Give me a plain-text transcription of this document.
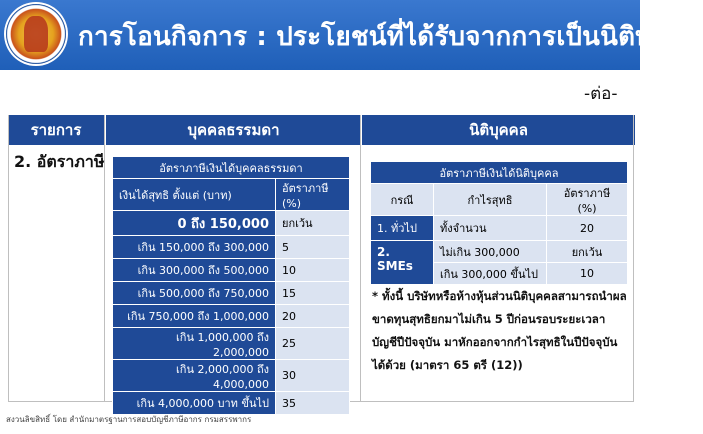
การโอนกิจการ : ประโยชน์ที่ได้รับจากการเป็นนิติบุคคล
-ต่อ-
รายการ	บุคคลธรรมดา	นิติบุคคล
2. อัตราภาษี	อัตราภาษีเงินได้บุคคลธรรมดา	
เงินได้สุทธิ ตั้งแต่ (บาท)	อัตราภาษี (%)
0 ถึง 150,000	ยกเว้น
เกิน 150,000 ถึง 300,000	5
เกิน 300,000 ถึง 500,000	10
เกิน 500,000 ถึง 750,000	15
เกิน 750,000 ถึง 1,000,000	20
เกิน 1,000,000 ถึง 2,000,000	25
เกิน 2,000,000 ถึง 4,000,000	30
เกิน 4,000,000 บาท ขึ้นไป	35
อัตราภาษีเงินได้นิติบุคคล		
กรณี	กำไรสุทธิ	อัตราภาษี (%)
1. ทั่วไป	ทั้งจำนวน	20
2. SMEs	ไม่เกิน 300,000	ยกเว้น
	เกิน 300,000 ขึ้นไป	10
* ทั้งนี้ บริษัทหรือห้างหุ้นส่วนนิติบุคคลสามารถนำผลขาดทุนสุทธิยกมาไม่เกิน 5 ปีก่อนรอบระยะเวลาบัญชีปีปัจจุบัน มาหักออกจากกำไรสุทธิในปีปัจจุบันได้ด้วย (มาตรา 65 ตรี (12))
สงวนลิขสิทธิ์ โดย สำนักมาตรฐานการสอบบัญชีภาษีอากร กรมสรรพากร
